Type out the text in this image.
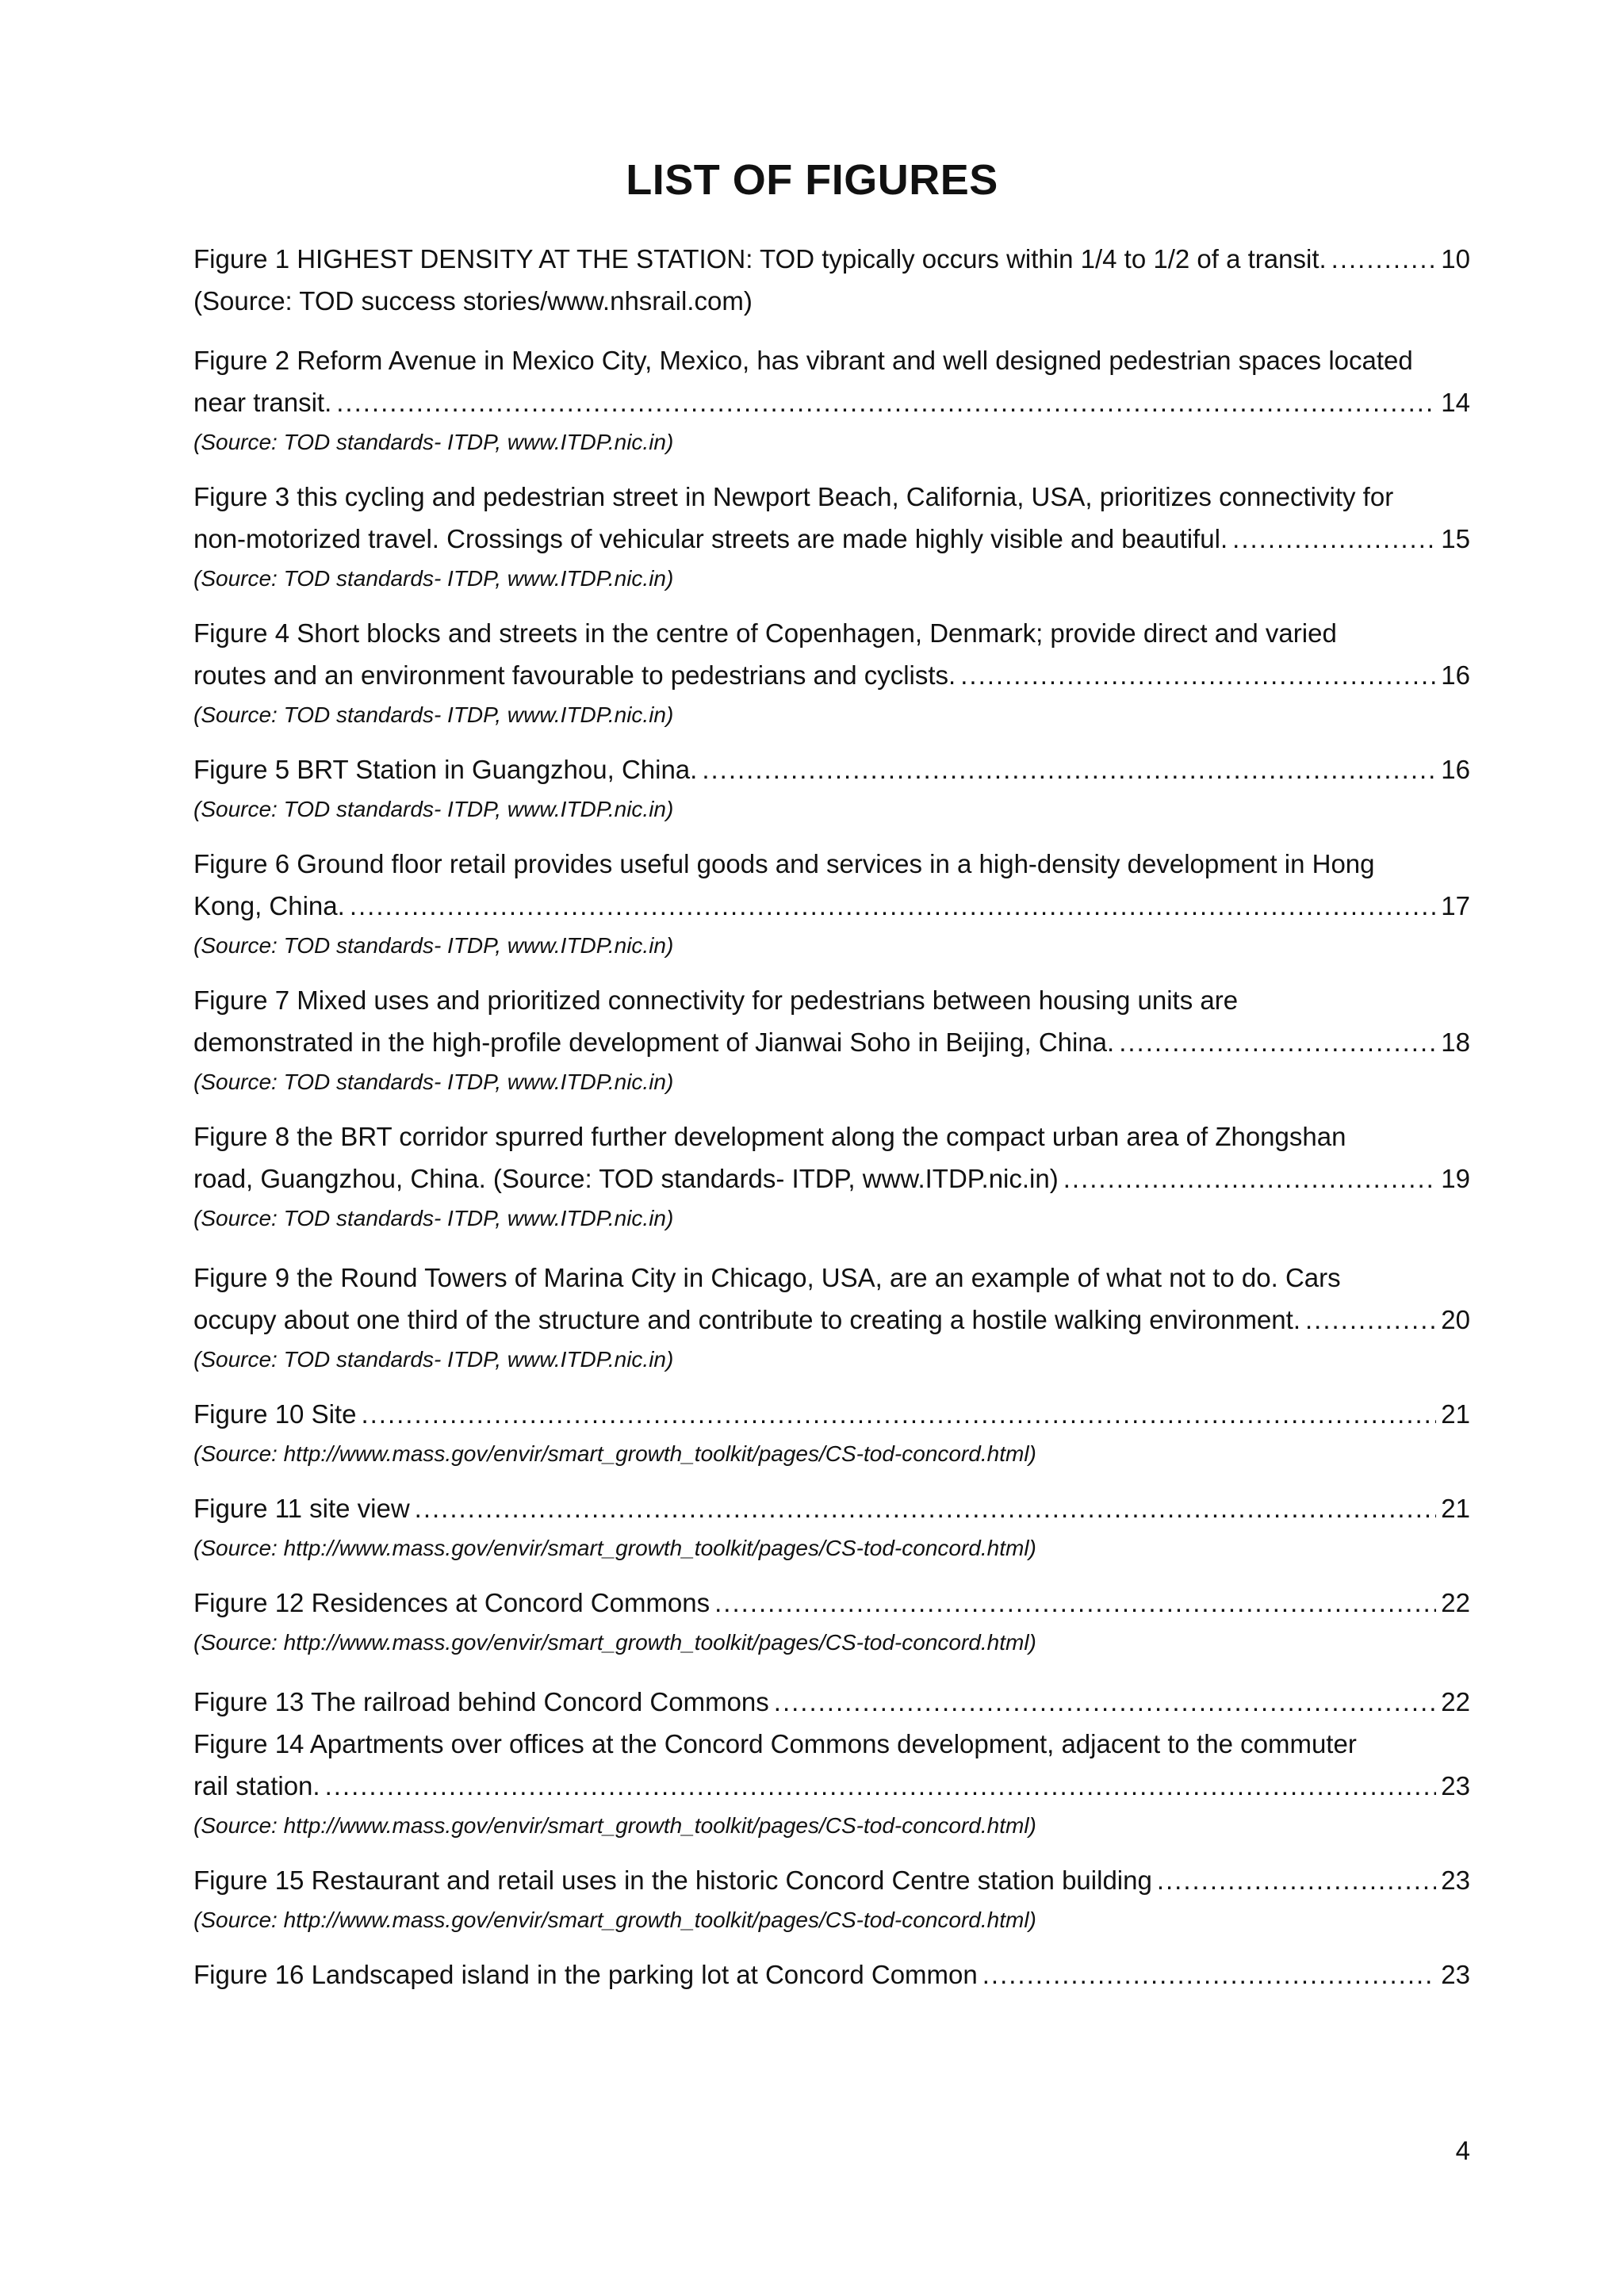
LIST OF FIGURES
Figure 1 HIGHEST DENSITY AT THE STATION: TOD typically occurs within 1/4 to 1/2 of a transit. .....	10
(Source: TOD success stories/www.nhsrail.com)
Figure 2 Reform Avenue in Mexico City, Mexico, has vibrant and well designed pedestrian spaces located
near transit. .....	14
(Source: TOD standards- ITDP, www.ITDP.nic.in)
Figure 3 this cycling and pedestrian street in Newport Beach, California, USA, prioritizes connectivity for
non-motorized travel. Crossings of vehicular streets are made highly visible and beautiful. .....	15
(Source: TOD standards- ITDP, www.ITDP.nic.in)
Figure 4 Short blocks and streets in the centre of Copenhagen, Denmark; provide direct and varied
routes and an environment favourable to pedestrians and cyclists. .....	16
(Source: TOD standards- ITDP, www.ITDP.nic.in)
Figure 5 BRT Station in Guangzhou, China. .....	16
(Source: TOD standards- ITDP, www.ITDP.nic.in)
Figure 6 Ground floor retail provides useful goods and services in a high-density development in Hong
Kong, China. .....	17
(Source: TOD standards- ITDP, www.ITDP.nic.in)
Figure 7 Mixed uses and prioritized connectivity for pedestrians between housing units are
demonstrated in the high-profile development of Jianwai Soho in Beijing, China. .....	18
(Source: TOD standards- ITDP, www.ITDP.nic.in)
Figure 8 the BRT corridor spurred further development along the compact urban area of Zhongshan
road, Guangzhou, China. (Source: TOD standards- ITDP, www.ITDP.nic.in) .....	19
(Source: TOD standards- ITDP, www.ITDP.nic.in)
Figure 9 the Round Towers of Marina City in Chicago, USA, are an example of what not to do. Cars
occupy about one third of the structure and contribute to creating a hostile walking environment. .....	20
(Source: TOD standards- ITDP, www.ITDP.nic.in)
Figure 10 Site .....	21
(Source: http://www.mass.gov/envir/smart_growth_toolkit/pages/CS-tod-concord.html)
Figure 11 site view .....	21
(Source: http://www.mass.gov/envir/smart_growth_toolkit/pages/CS-tod-concord.html)
Figure 12 Residences at Concord Commons .....	22
(Source: http://www.mass.gov/envir/smart_growth_toolkit/pages/CS-tod-concord.html)
Figure 13 The railroad behind Concord Commons .....	22
Figure 14 Apartments over offices at the Concord Commons development, adjacent to the commuter
rail station. .....	23
(Source: http://www.mass.gov/envir/smart_growth_toolkit/pages/CS-tod-concord.html)
Figure 15 Restaurant and retail uses in the historic Concord Centre station building .....	23
(Source: http://www.mass.gov/envir/smart_growth_toolkit/pages/CS-tod-concord.html)
Figure 16 Landscaped island in the parking lot at Concord Common .....	23
4
